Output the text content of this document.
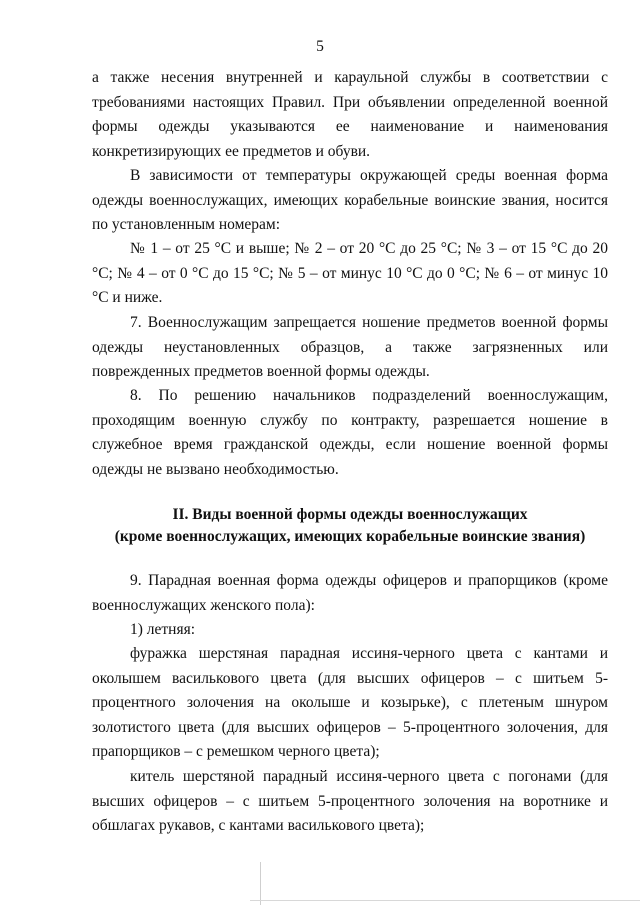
5

а также несения внутренней и караульной службы в соответствии с требованиями настоящих Правил. При объявлении определенной военной формы одежды указываются ее наименование и наименования конкретизирующих ее предметов и обуви.

В зависимости от температуры окружающей среды военная форма одежды военнослужащих, имеющих корабельные воинские звания, носится по установленным номерам:

№ 1 – от 25 °С и выше; № 2 – от 20 °С до 25 °С; № 3 – от 15 °С до 20 °С; № 4 – от 0 °С до 15 °С; № 5 – от минус 10 °С до 0 °С; № 6 – от минус 10 °С и ниже.

7. Военнослужащим запрещается ношение предметов военной формы одежды неустановленных образцов, а также загрязненных или поврежденных предметов военной формы одежды.

8. По решению начальников подразделений военнослужащим, проходящим военную службу по контракту, разрешается ношение в служебное время гражданской одежды, если ношение военной формы одежды не вызвано необходимостью.

II. Виды военной формы одежды военнослужащих

(кроме военнослужащих, имеющих корабельные воинские звания)

9. Парадная военная форма одежды офицеров и прапорщиков (кроме военнослужащих женского пола):

1) летняя:

фуражка шерстяная парадная иссиня-черного цвета с кантами и околышем василькового цвета (для высших офицеров – с шитьем 5-процентного золочения на околыше и козырьке), с плетеным шнуром золотистого цвета (для высших офицеров – 5-процентного золочения, для прапорщиков – с ремешком черного цвета);

китель шерстяной парадный иссиня-черного цвета с погонами (для высших офицеров – с шитьем 5-процентного золочения на воротнике и обшлагах рукавов, с кантами василькового цвета);
